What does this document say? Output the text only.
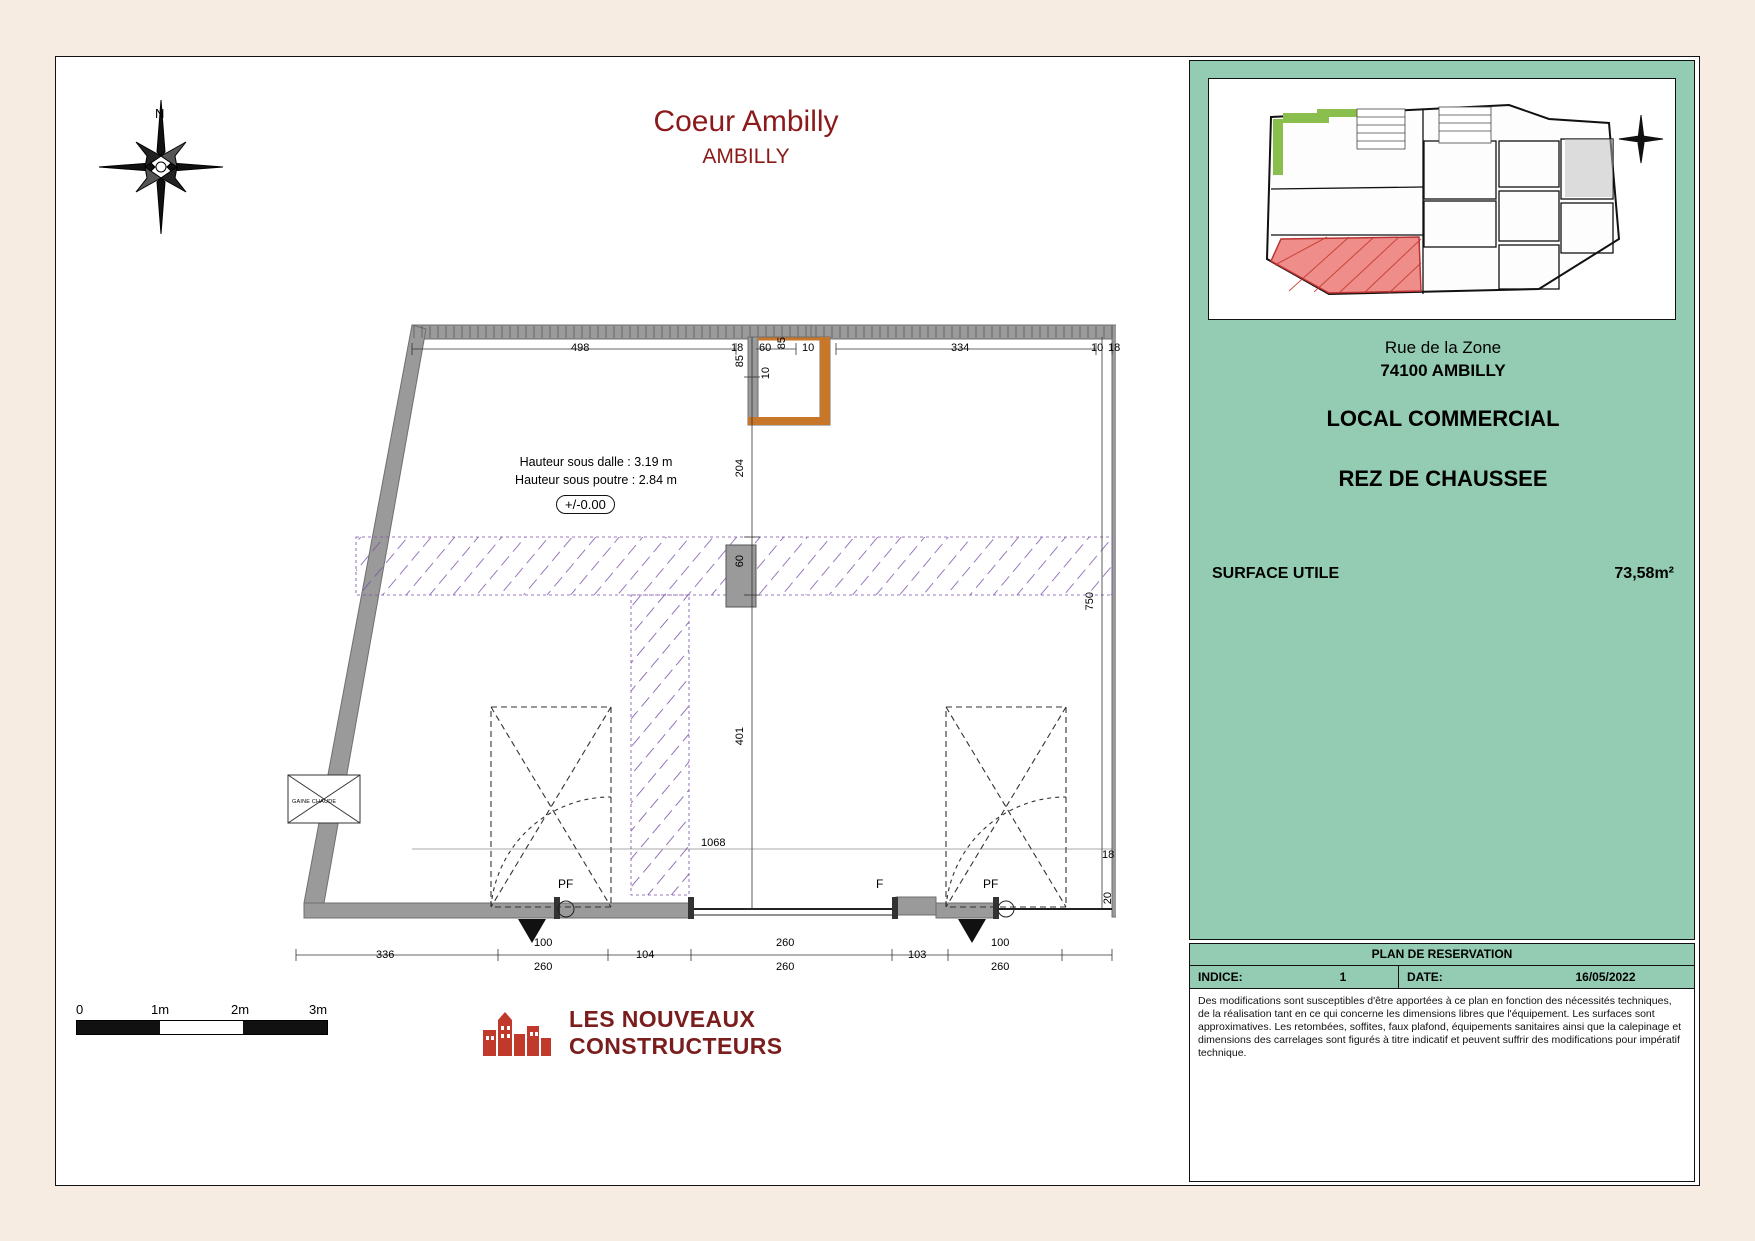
N	Coeur Ambilly
AMBILLY
498	18 60 85 10	334	10 18
85
204
10
60
401
750
18
20
1068
336
100
260
104
260
260
103
100
260
Hauteur sous dalle : 3.19 m
Hauteur sous poutre : 2.84 m
+/-0.00
GAINE CHAUDE
PF	PF
F
0	1m	2m	3m	LES NOUVEAUX
CONSTRUCTEURS
Rue de la Zone
74100 AMBILLY
LOCAL COMMERCIAL
REZ DE CHAUSSEE
SURFACE UTILE	73,58m²
PLAN DE RESERVATION
INDICE:	1	DATE:	16/05/2022
Des modifications sont susceptibles d'être apportées à ce plan en fonction des nécessités techniques, de la réalisation tant en ce qui concerne les dimensions libres que l'équipement. Les surfaces sont approximatives. Les retombées, soffites, faux plafond, équipements sanitaires ainsi que la calepinage et dimensions des carrelages sont figurés à titre indicatif et peuvent suffrir des modifications pour impératif technique.
